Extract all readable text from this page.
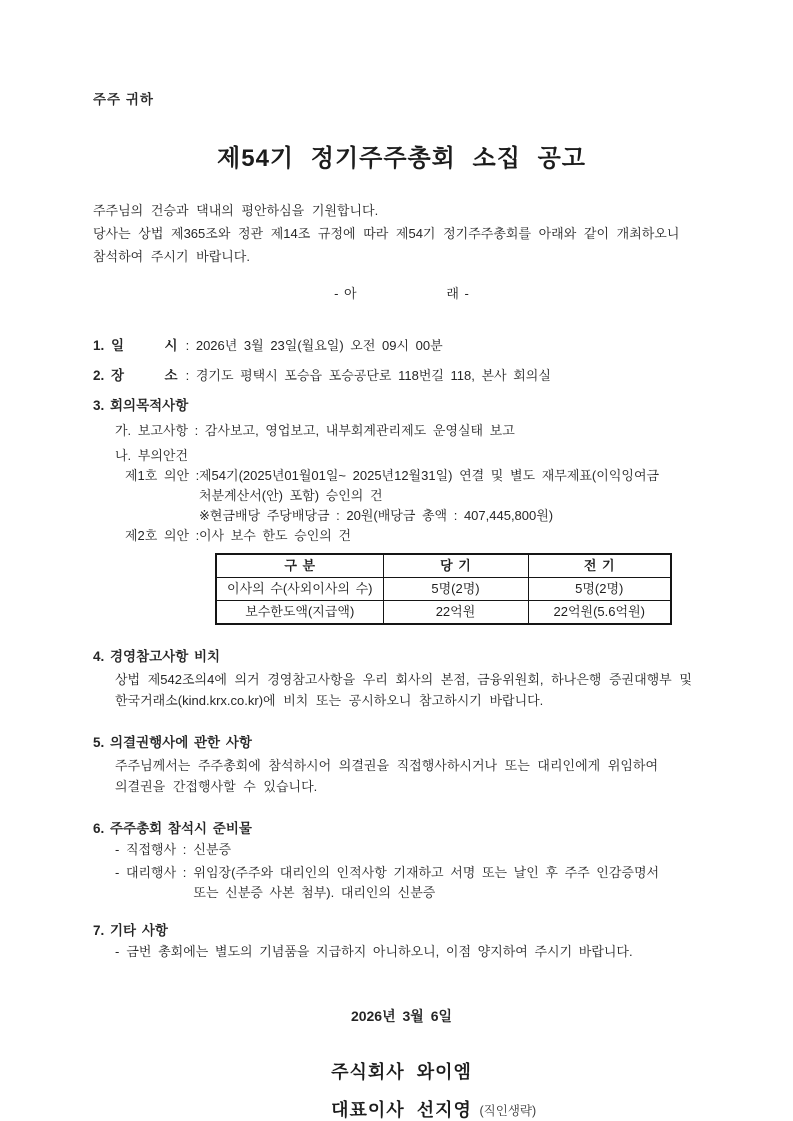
주주 귀하
제54기 정기주주총회 소집 공고
주주님의 건승과 댁내의 평안하심을 기원합니다.
당사는 상법 제365조와 정관 제14조 규정에 따라 제54기 정기주주총회를 아래와 같이 개최하오니
참석하여 주시기 바랍니다.
- 아                래 -
1. 일      시 : 2026년 3월 23일(월요일) 오전 09시 00분
2. 장      소 : 경기도 평택시 포승읍 포승공단로 118번길 118, 본사 회의실
3. 회의목적사항
가. 보고사항 : 감사보고, 영업보고, 내부회계관리제도 운영실태 보고
나. 부의안건
제1호 의안 : 제54기(2025년01월01일~ 2025년12월31일) 연결 및 별도 재무제표(이익잉여금
처분계산서(안) 포함) 승인의 건
※현금배당 주당배당금 : 20원(배당금 총액 : 407,445,800원)
제2호 의안 : 이사 보수 한도 승인의 건
구 분	당 기	전 기
이사의 수(사외이사의 수)	5명(2명)	5명(2명)
보수한도액(지급액)	22억원	22억원(5.6억원)
4. 경영참고사항 비치
상법 제542조의4에 의거 경영참고사항을 우리 회사의 본점, 금융위원회, 하나은행 증권대행부 및
한국거래소(kind.krx.co.kr)에 비치 또는 공시하오니 참고하시기 바랍니다.
5. 의결권행사에 관한 사항
주주님께서는 주주총회에 참석하시어 의결권을 직접행사하시거나 또는 대리인에게 위임하여
의결권을 간접행사할 수 있습니다.
6. 주주총회 참석시 준비물
- 직접행사 : 신분증
- 대리행사 : 위임장(주주와 대리인의 인적사항 기재하고 서명 또는 날인 후 주주 인감증명서
또는 신분증 사본 첨부). 대리인의 신분증
7. 기타 사항
- 금번 총회에는 별도의 기념품을 지급하지 아니하오니, 이점 양지하여 주시기 바랍니다.
2026년 3월 6일
주식회사 와이엠
대표이사 선지영 (직인생략)
